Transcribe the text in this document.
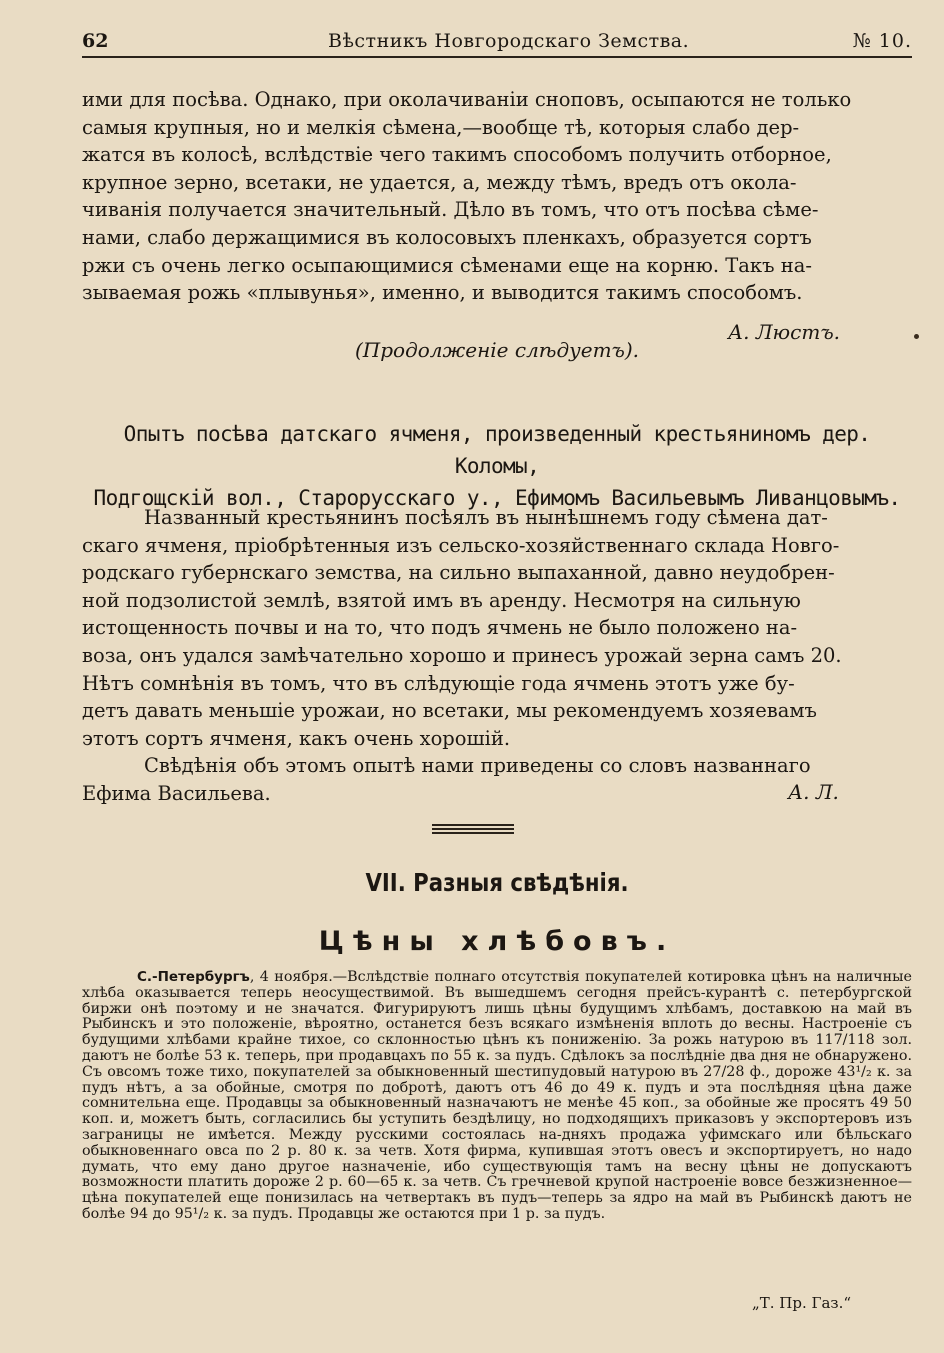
62	Вѣстникъ Новгородскаго Земства.	№ 10.

ими для посѣва. Однако, при околачиваніи сноповъ, осыпаются не только

самыя крупныя, но и мелкія сѣмена,—вообще тѣ, которыя слабо дер-

жатся въ колосѣ, вслѣдствіе чего такимъ способомъ получить отборное,

крупное зерно, всетаки, не удается, а, между тѣмъ, вредъ отъ окола-

чиванія получается значительный. Дѣло въ томъ, что отъ посѣва сѣме-

нами, слабо держащимися въ колосовыхъ пленкахъ, образуется сортъ

ржи съ очень легко осыпающимися сѣменами еще на корню. Такъ на-

зываемая рожь «плывунья», именно, и выводится такимъ способомъ.

(Продолженіе слѣдуетъ).
А. Люстъ.
Опытъ посѣва датскаго ячменя, произведенный крестьяниномъ дер. Коломы,
Подгощскій вол., Старорусскаго у., Ефимомъ Васильевымъ Ливанцовымъ.

Названный крестьянинъ посѣялъ въ нынѣшнемъ году сѣмена дат-

скаго ячменя, пріобрѣтенныя изъ сельско-хозяйственнаго склада Новго-

родскаго губернскаго земства, на сильно выпаханной, давно неудобрен-

ной подзолистой землѣ, взятой имъ въ аренду. Несмотря на сильную

истощенность почвы и на то, что подъ ячмень не было положено на-

воза, онъ удался замѣчательно хорошо и принесъ урожай зерна самъ 20.

Нѣтъ сомнѣнія въ томъ, что въ слѣдующіе года ячмень этотъ уже бу-

детъ давать меньшіе урожаи, но всетаки, мы рекомендуемъ хозяевамъ

этотъ сортъ ячменя, какъ очень хорошій.

Свѣдѣнія объ этомъ опытѣ нами приведены со словъ названнаго

Ефима Васильева.	А. Л.
VII. Разныя свѣдѣнія.
Цѣны хлѣбовъ.

С.-Петербургъ, 4 ноября.—Вслѣдствіе полнаго отсутствія покупателей котировка цѣнъ на наличные хлѣба оказывается теперь неосуществимой. Въ вышедшемъ сегодня прейсъ-курантѣ с. петербургской биржи онѣ поэтому и не значатся. Фигурируютъ лишь цѣны будущимъ хлѣбамъ, доставкою на май въ Рыбинскъ и это положеніе, вѣроятно, останется безъ всякаго измѣненія вплоть до весны. Настроеніе съ будущими хлѣбами крайне тихое, со склонностью цѣнъ къ пониженію. За рожь натурою въ 117/118 зол. даютъ не болѣе 53 к. теперь, при продавцахъ по 55 к. за пудъ. Сдѣлокъ за послѣдніе два дня не обнаружено. Съ овсомъ тоже тихо, покупателей за обыкновенный шестипудовый натурою въ 27/28 ф., дороже 43¹/₂ к. за пудъ нѣтъ, а за обойные, смотря по добротѣ, даютъ отъ 46 до 49 к. пудъ и эта послѣдняя цѣна даже сомнительна еще. Продавцы за обыкновенный назначаютъ не менѣе 45 коп., за обойные же просятъ 49 50 коп. и, можетъ быть, согласились бы уступить бездѣлицу, но подходящихъ приказовъ у экспортеровъ изъ заграницы не имѣется. Между русскими состоялась на-дняхъ продажа уфимскаго или бѣльскаго обыкновеннаго овса по 2 р. 80 к. за четв. Хотя фирма, купившая этотъ овесъ и экспортируетъ, но надо думать, что ему дано другое назначеніе, ибо существующія тамъ на весну цѣны не допускаютъ возможности платить дороже 2 р. 60—65 к. за четв. Съ гречневой крупой настроеніе вовсе безжизненное—цѣна покупателей еще понизилась на четвертакъ въ пудъ—теперь за ядро на май въ Рыбинскѣ даютъ не болѣе 94 до 95¹/₂ к. за пудъ. Продавцы же остаются при 1 р. за пудъ.

„Т. Пр. Газ.“
